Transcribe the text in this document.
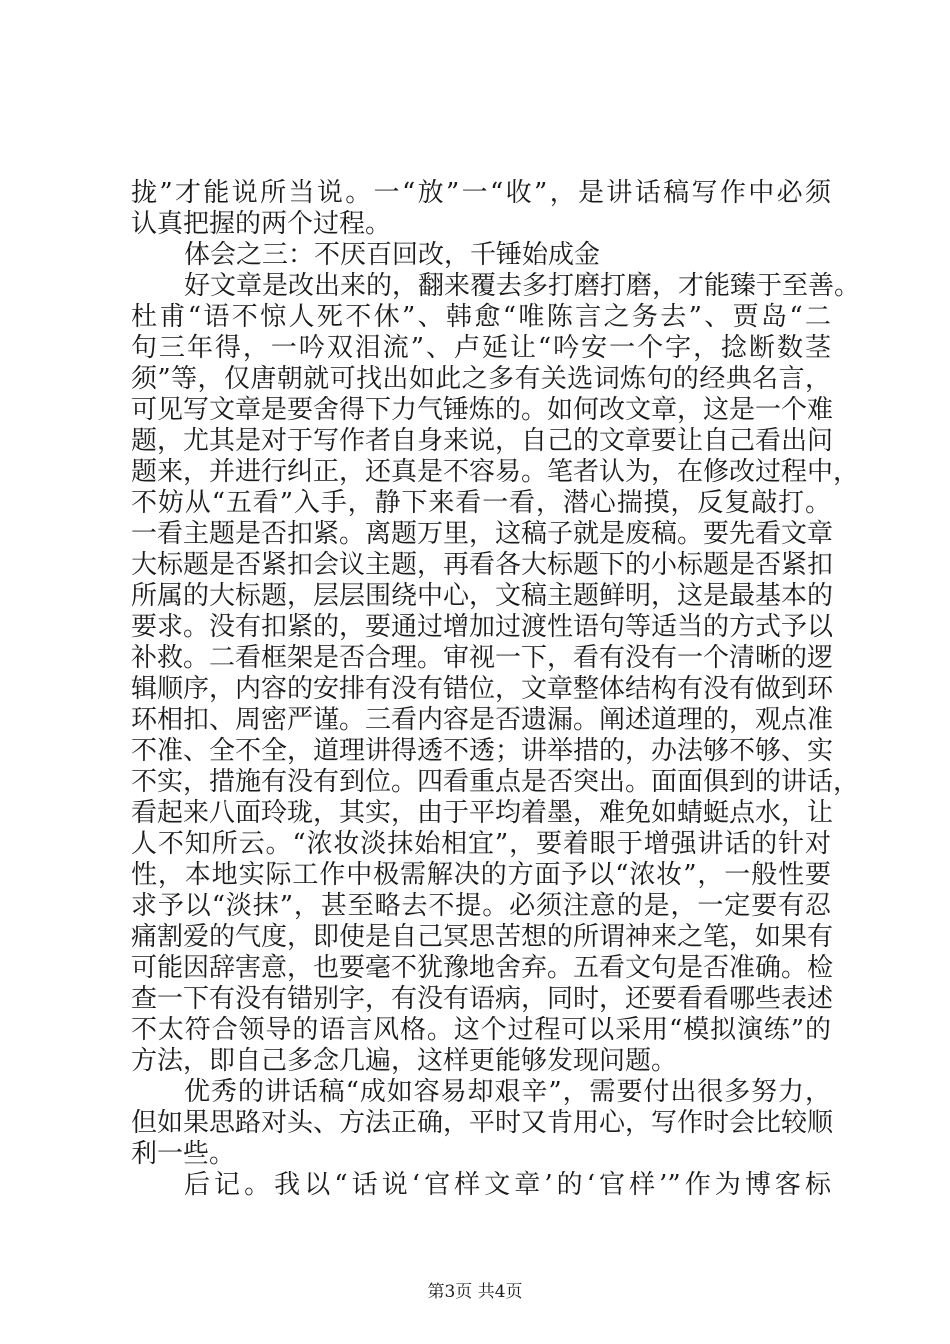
拢”才能说所当说。一“放”一“收”，是讲话稿写作中必须
认真把握的两个过程。
体会之三：不厌百回改，千锤始成金
好文章是改出来的，翻来覆去多打磨打磨，才能臻于至善。
杜甫“语不惊人死不休”、韩愈“唯陈言之务去”、贾岛“二
句三年得，一吟双泪流”、卢延让“吟安一个字，捻断数茎
须”等，仅唐朝就可找出如此之多有关选词炼句的经典名言，
可见写文章是要舍得下力气锤炼的。如何改文章，这是一个难
题，尤其是对于写作者自身来说，自己的文章要让自己看出问
题来，并进行纠正，还真是不容易。笔者认为，在修改过程中，
不妨从“五看”入手，静下来看一看，潜心揣摸，反复敲打。
一看主题是否扣紧。离题万里，这稿子就是废稿。要先看文章
大标题是否紧扣会议主题，再看各大标题下的小标题是否紧扣
所属的大标题，层层围绕中心，文稿主题鲜明，这是最基本的
要求。没有扣紧的，要通过增加过渡性语句等适当的方式予以
补救。二看框架是否合理。审视一下，看有没有一个清晰的逻
辑顺序，内容的安排有没有错位，文章整体结构有没有做到环
环相扣、周密严谨。三看内容是否遗漏。阐述道理的，观点准
不准、全不全，道理讲得透不透；讲举措的，办法够不够、实
不实，措施有没有到位。四看重点是否突出。面面俱到的讲话，
看起来八面玲珑，其实，由于平均着墨，难免如蜻蜓点水，让
人不知所云。“浓妆淡抹始相宜”，要着眼于增强讲话的针对
性，本地实际工作中极需解决的方面予以“浓妆”，一般性要
求予以“淡抹”，甚至略去不提。必须注意的是，一定要有忍
痛割爱的气度，即使是自己冥思苦想的所谓神来之笔，如果有
可能因辞害意，也要毫不犹豫地舍弃。五看文句是否准确。检
查一下有没有错别字，有没有语病，同时，还要看看哪些表述
不太符合领导的语言风格。这个过程可以采用“模拟演练”的
方法，即自己多念几遍，这样更能够发现问题。
优秀的讲话稿“成如容易却艰辛”，需要付出很多努力，
但如果思路对头、方法正确，平时又肯用心，写作时会比较顺
利一些。
后记。我以“话说‘官样文章’的‘官样’”作为博客标
第3页 共4页
